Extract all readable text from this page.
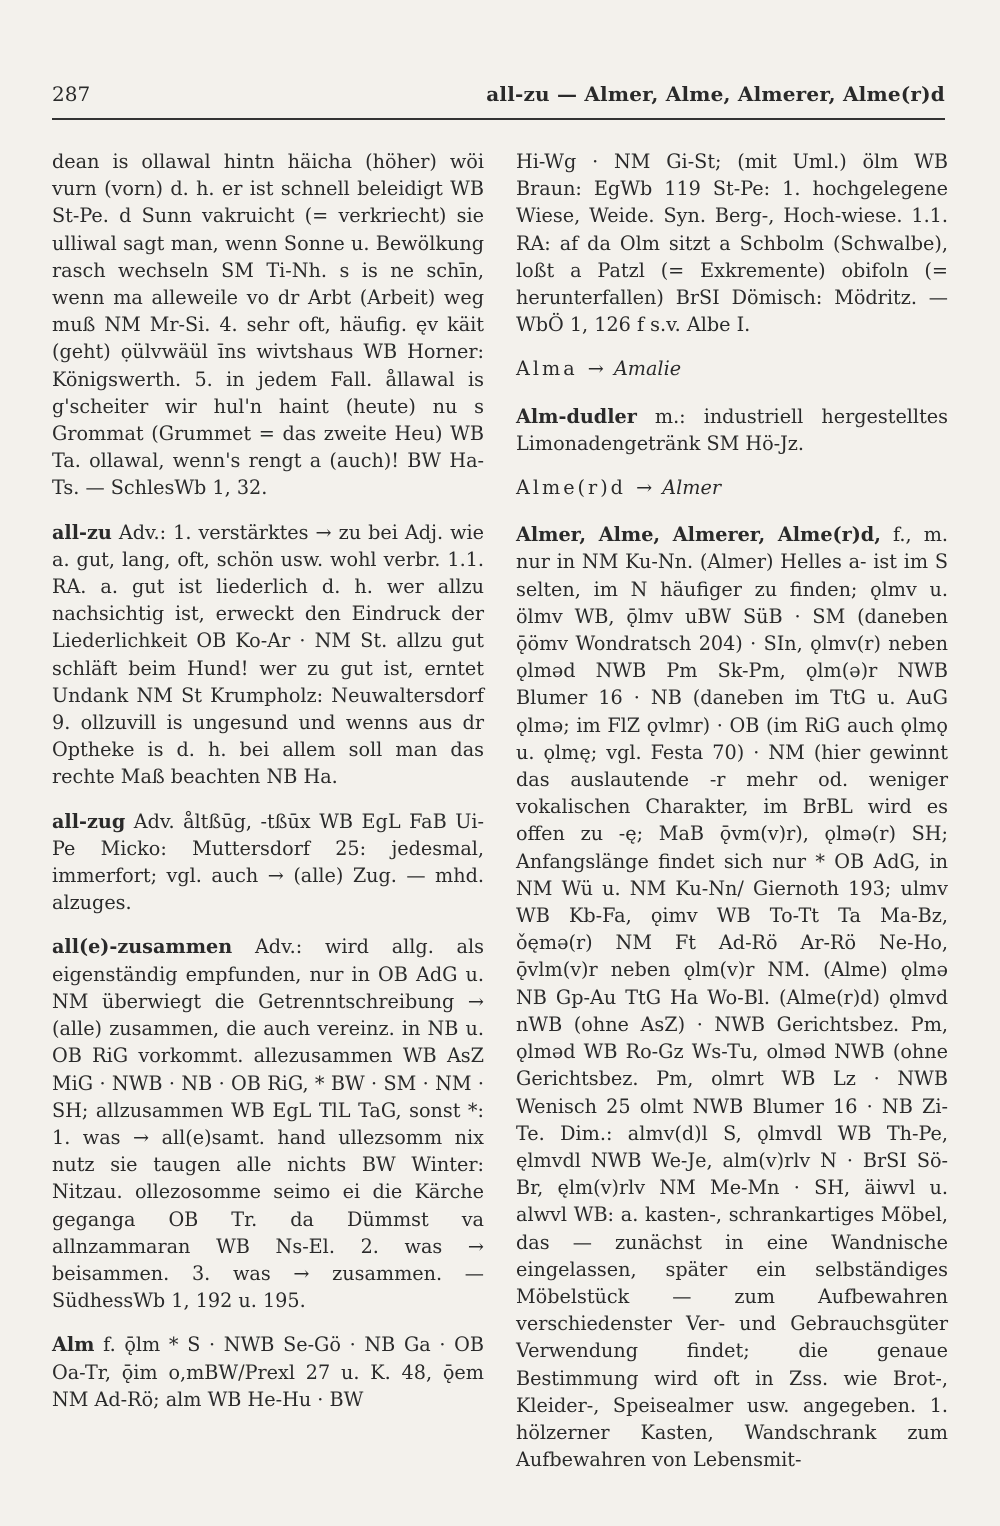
287	all-zu — Almer, Alme, Almerer, Alme(r)d

dean is ollawal hintn häicha (höher) wöi vurn (vorn) d. h. er ist schnell beleidigt WB St-Pe. d Sunn vakruicht (= verkriecht) sie ulliwal sagt man, wenn Sonne u. Bewölkung rasch wechseln SM Ti-Nh. s is ne schīn, wenn ma alleweile vo dr Arbt (Arbeit) weg muß NM Mr-Si. 4. sehr oft, häufig. ęv käit (geht) ọülvwäül īns wivtshaus WB Horner: Königswerth. 5. in jedem Fall. ållawal is g'scheiter wir hul'n haint (heute) nu s Grommat (Grummet = das zweite Heu) WB Ta. ollawal, wenn's rengt a (auch)! BW Ha-Ts. — SchlesWb 1, 32.

all-zu Adv.: 1. verstärktes → zu bei Adj. wie a. gut, lang, oft, schön usw. wohl verbr. 1.1. RA. a. gut ist liederlich d. h. wer allzu nachsichtig ist, erweckt den Eindruck der Liederlichkeit OB Ko-Ar · NM St. allzu gut schläft beim Hund! wer zu gut ist, erntet Undank NM St Krumpholz: Neuwaltersdorf 9. ollzuvill is ungesund und wenns aus dr Optheke is d. h. bei allem soll man das rechte Maß beachten NB Ha.

all-zug Adv. åltßūg, -tßūx WB EgL FaB Ui-Pe Micko: Muttersdorf 25: jedesmal, immerfort; vgl. auch → (alle) Zug. — mhd. alzuges.

all(e)-zusammen Adv.: wird allg. als eigenständig empfunden, nur in OB AdG u. NM überwiegt die Getrenntschreibung → (alle) zusammen, die auch vereinz. in NB u. OB RiG vorkommt. allezusammen WB AsZ MiG · NWB · NB · OB RiG, * BW · SM · NM · SH; allzusammen WB EgL TlL TaG, sonst *: 1. was → all(e)samt. hand ullezsomm nix nutz sie taugen alle nichts BW Winter: Nitzau. ollezosomme seimo ei die Kärche geganga OB Tr. da Dümmst va allnzammaran WB Ns-El. 2. was → beisammen. 3. was → zusammen. — SüdhessWb 1, 192 u. 195.

Alm f. ǭlm * S · NWB Se-Gö · NB Ga · OB Oa-Tr, ǭim o,mBW/Prexl 27 u. K. 48, ǭem NM Ad-Rö; alm WB He-Hu · BW

Hi-Wg · NM Gi-St; (mit Uml.) ölm WB Braun: EgWb 119 St-Pe: 1. hochgelegene Wiese, Weide. Syn. Berg-, Hoch-wiese. 1.1. RA: af da Olm sitzt a Schbolm (Schwalbe), loßt a Patzl (= Exkremente) obifoln (= herunterfallen) BrSI Dömisch: Mödritz. — WbÖ 1, 126 f s.v. Albe I.

Alma → Amalie

Alm-dudler m.: industriell hergestelltes Limonadengetränk SM Hö-Jz.

Alme(r)d → Almer

Almer, Alme, Almerer, Alme(r)d, f., m. nur in NM Ku-Nn. (Almer) Helles a- ist im S selten, im N häufiger zu finden; ǫlmv u. ölmv WB, ǭlmv uBW SüB · SM (daneben ǭömv Wondratsch 204) · SIn, ǫlmv(r) neben ǫlməd NWB Pm Sk-Pm, ǫlm(ə)r NWB Blumer 16 · NB (daneben im TtG u. AuG ǫlmə; im FlZ ǫvlmr) · OB (im RiG auch ǫlmǫ u. ǫlmę; vgl. Festa 70) · NM (hier gewinnt das auslautende -r mehr od. weniger vokalischen Charakter, im BrBL wird es offen zu -ę; MaB ǭvm(v)r), ǫlmə(r) SH; Anfangslänge findet sich nur * OB AdG, in NM Wü u. NM Ku-Nn/ Giernoth 193; ulmv WB Kb-Fa, ǫimv WB To-Tt Ta Ma-Bz, ǒęmə(r) NM Ft Ad-Rö Ar-Rö Ne-Ho, ǭvlm(v)r neben ǫlm(v)r NM. (Alme) ǫlmə NB Gp-Au TtG Ha Wo-Bl. (Alme(r)d) ǫlmvd nWB (ohne AsZ) · NWB Gerichtsbez. Pm, ǫlməd WB Ro-Gz Ws-Tu, olməd NWB (ohne Gerichtsbez. Pm, olmrt WB Lz · NWB Wenisch 25 olmt NWB Blumer 16 · NB Zi-Te. Dim.: almv(d)l S, ǫlmvdl WB Th-Pe, ęlmvdl NWB We-Je, alm(v)rlv N · BrSI Sö-Br, ęlm(v)rlv NM Me-Mn · SH, äiwvl u. alwvl WB: a. kasten-, schrankartiges Möbel, das — zunächst in eine Wandnische eingelassen, später ein selbständiges Möbelstück — zum Aufbewahren verschiedenster Ver- und Gebrauchsgüter Verwendung findet; die genaue Bestimmung wird oft in Zss. wie Brot-, Kleider-, Speisealmer usw. angegeben. 1. hölzerner Kasten, Wandschrank zum Aufbewahren von Lebensmit-
